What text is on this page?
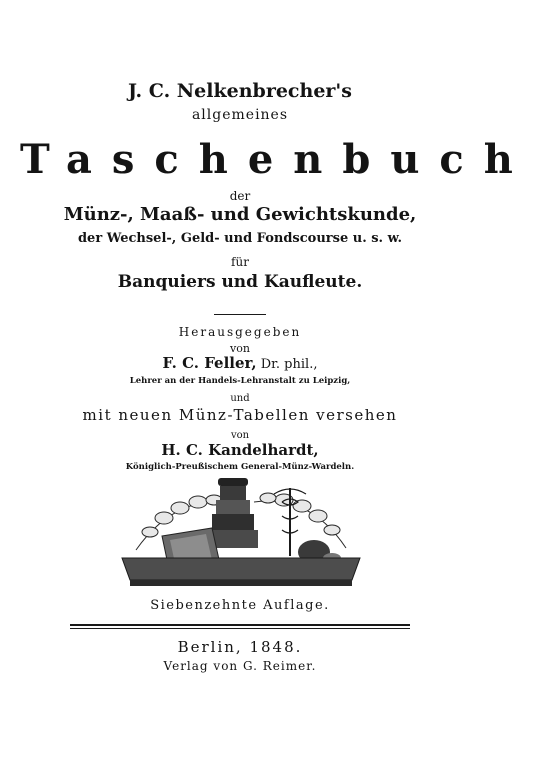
J. C. Nelkenbrecher's
allgemeines
Taschenbuch
der
Münz-, Maaß- und Gewichtskunde,
der Wechsel-, Geld- und Fondscourse u. s. w.
für
Banquiers und Kaufleute.
Herausgegeben
von
F. C. Feller, Dr. phil.,
Lehrer an der Handels-Lehranstalt zu Leipzig,
und
mit neuen Münz-Tabellen versehen
von
H. C. Kandelhardt,
Königlich-Preußischem General-Münz-Wardeln.
Siebenzehnte Auflage.
Berlin, 1848.
Verlag von G. Reimer.
